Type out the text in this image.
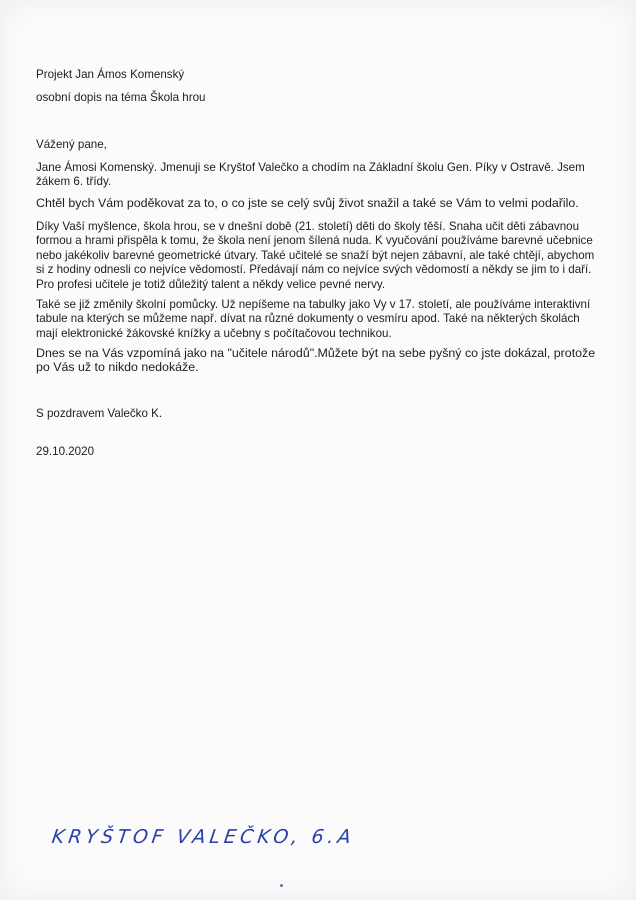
Projekt Jan Ámos Komenský

osobní dopis na téma Škola hrou

Vážený pane,

Jane Ámosi Komenský. Jmenuji se Kryštof Valečko a chodím na Základní školu Gen. Píky v Ostravě. Jsem žákem 6. třídy.

Chtěl bych Vám poděkovat za to, o co jste se celý svůj život snažil a také se Vám to velmi podařilo.

Díky Vaší myšlence, škola hrou, se v dnešní době (21. století) děti do školy těší. Snaha učit děti zábavnou formou a hrami přispěla k tomu, že škola není jenom šílená nuda. K vyučování používáme barevné učebnice nebo jakékoliv barevné geometrické útvary. Také učitelé se snaží být nejen zábavní, ale také chtějí, abychom si z hodiny odnesli co nejvíce vědomostí. Předávají nám co nejvíce svých vědomostí a někdy se jim to i daří. Pro profesi učitele je totiž důležitý talent a někdy velice pevné nervy.

Také se již změnily školní pomůcky. Už nepíšeme na tabulky jako Vy v 17. století, ale používáme interaktivní tabule na kterých se můžeme např. dívat na různé dokumenty o vesmíru apod. Také na některých školách mají elektronické žákovské knížky a učebny s počítačovou technikou.

Dnes se na Vás vzpomíná jako na "učitele národů".Můžete být na sebe pyšný co jste dokázal, protože po Vás už to nikdo nedokáže.

S pozdravem Valečko K.

29.10.2020

KRYŠTOF VALEČKO, 6.A
